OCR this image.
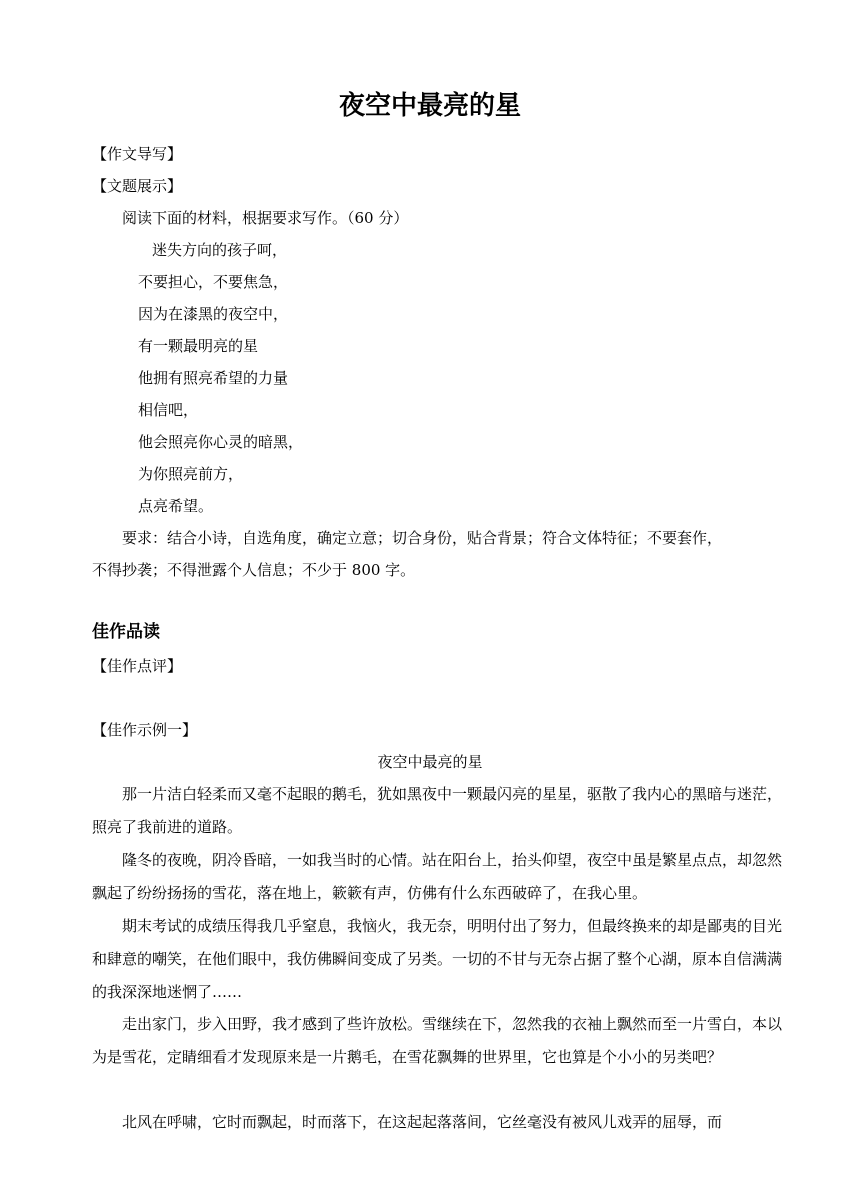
夜空中最亮的星
【作文导写】
【文题展示】
阅读下面的材料，根据要求写作。（60 分）
迷失方向的孩子呵，
不要担心，不要焦急，
因为在漆黑的夜空中，
有一颗最明亮的星
他拥有照亮希望的力量
相信吧，
他会照亮你心灵的暗黑，
为你照亮前方，
点亮希望。
要求：结合小诗，自选角度，确定立意；切合身份，贴合背景；符合文体特征；不要套作，
不得抄袭；不得泄露个人信息；不少于 800 字。
佳作品读
【佳作点评】
【佳作示例一】
夜空中最亮的星
那一片洁白轻柔而又毫不起眼的鹅毛，犹如黑夜中一颗最闪亮的星星，驱散了我内心的黑暗与迷茫，照亮了我前进的道路。
隆冬的夜晚，阴冷昏暗，一如我当时的心情。站在阳台上，抬头仰望，夜空中虽是繁星点点，却忽然飘起了纷纷扬扬的雪花，落在地上，簌簌有声，仿佛有什么东西破碎了，在我心里。
期末考试的成绩压得我几乎窒息，我恼火，我无奈，明明付出了努力，但最终换来的却是鄙夷的目光和肆意的嘲笑，在他们眼中，我仿佛瞬间变成了另类。一切的不甘与无奈占据了整个心湖，原本自信满满的我深深地迷惘了……
走出家门，步入田野，我才感到了些许放松。雪继续在下，忽然我的衣袖上飘然而至一片雪白，本以为是雪花，定睛细看才发现原来是一片鹅毛，在雪花飘舞的世界里，它也算是个小小的另类吧？
北风在呼啸，它时而飘起，时而落下，在这起起落落间，它丝毫没有被风儿戏弄的屈辱，而
